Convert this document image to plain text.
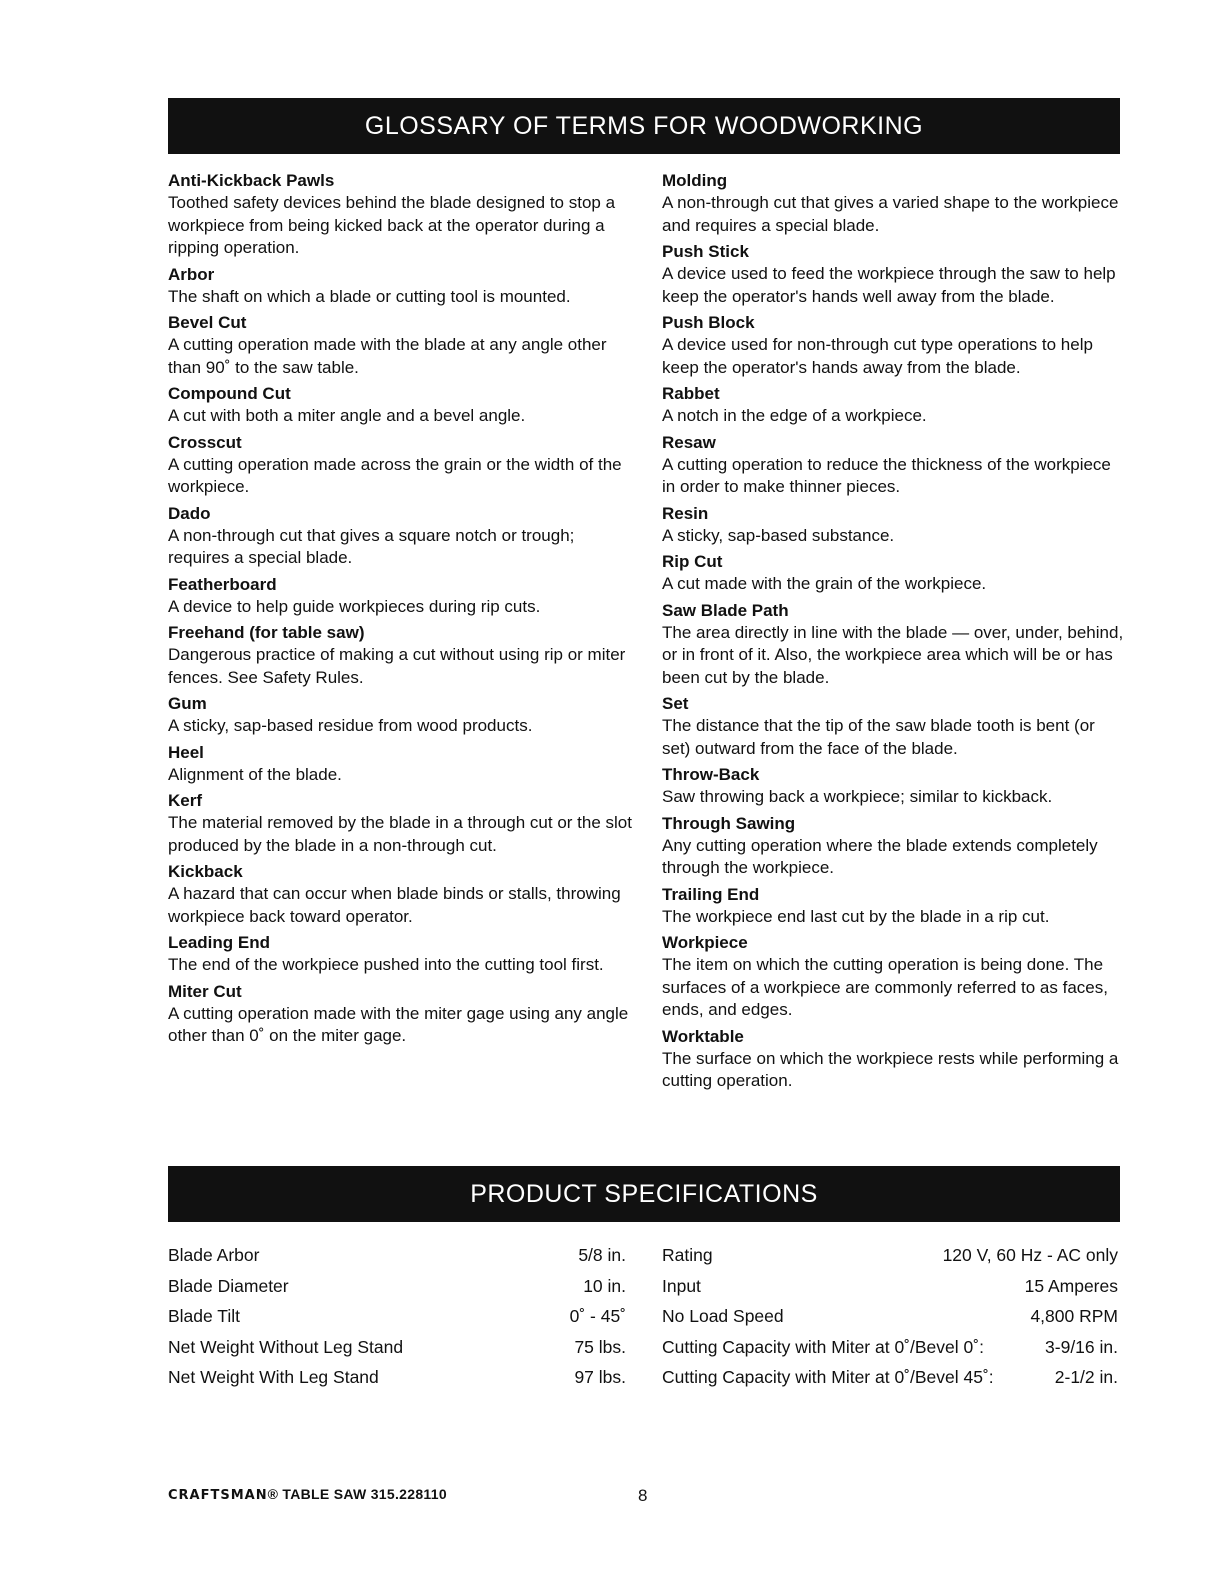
GLOSSARY OF TERMS FOR WOODWORKING
Anti-Kickback Pawls
Toothed safety devices behind the blade designed to stop a workpiece from being kicked back at the operator during a ripping operation.
Arbor
The shaft on which a blade or cutting tool is mounted.
Bevel Cut
A cutting operation made with the blade at any angle other than 90˚ to the saw table.
Compound Cut
A cut with both a miter angle and a bevel angle.
Crosscut
A cutting operation made across the grain or the width of the workpiece.
Dado
A non-through cut that gives a square notch or trough; requires a special blade.
Featherboard
A device to help guide workpieces during rip cuts.
Freehand (for table saw)
Dangerous practice of making a cut without using rip or miter fences. See Safety Rules.
Gum
A sticky, sap-based residue from wood products.
Heel
Alignment of the blade.
Kerf
The material removed by the blade in a through cut or the slot produced by the blade in a non-through cut.
Kickback
A hazard that can occur when blade binds or stalls, throwing workpiece back toward operator.
Leading End
The end of the workpiece pushed into the cutting tool first.
Miter Cut
A cutting operation made with the miter gage using any angle other than 0˚ on the miter gage.
Molding
A non-through cut that gives a varied shape to the workpiece and requires a special blade.
Push Stick
A device used to feed the workpiece through the saw to help keep the operator's hands well away from the blade.
Push Block
A device used for non-through cut type operations to help keep the operator's hands away from the blade.
Rabbet
A notch in the edge of a workpiece.
Resaw
A cutting operation to reduce the thickness of the workpiece in order to make thinner pieces.
Resin
A sticky, sap-based substance.
Rip Cut
A cut made with the grain of the workpiece.
Saw Blade Path
The area directly in line with the blade — over, under, behind, or in front of it. Also, the workpiece area which will be or has been cut by the blade.
Set
The distance that the tip of the saw blade tooth is bent (or set) outward from the face of the blade.
Throw-Back
Saw throwing back a workpiece; similar to kickback.
Through Sawing
Any cutting operation where the blade extends completely through the workpiece.
Trailing End
The workpiece end last cut by the blade in a rip cut.
Workpiece
The item on which the cutting operation is being done. The surfaces of a workpiece are commonly referred to as faces, ends, and edges.
Worktable
The surface on which the workpiece rests while performing a cutting operation.
PRODUCT SPECIFICATIONS
Blade Arbor	5/8 in.
Blade Diameter	10 in.
Blade Tilt	0˚ - 45˚
Net Weight Without Leg Stand	75 lbs.
Net Weight With Leg Stand	97 lbs.
Rating	120 V, 60 Hz - AC only
Input	15 Amperes
No Load Speed	4,800 RPM
Cutting Capacity with Miter at 0˚/Bevel 0˚:	3-9/16 in.
Cutting Capacity with Miter at 0˚/Bevel 45˚:	2-1/2 in.
CRAFTSMAN® TABLE SAW 315.228110	8
